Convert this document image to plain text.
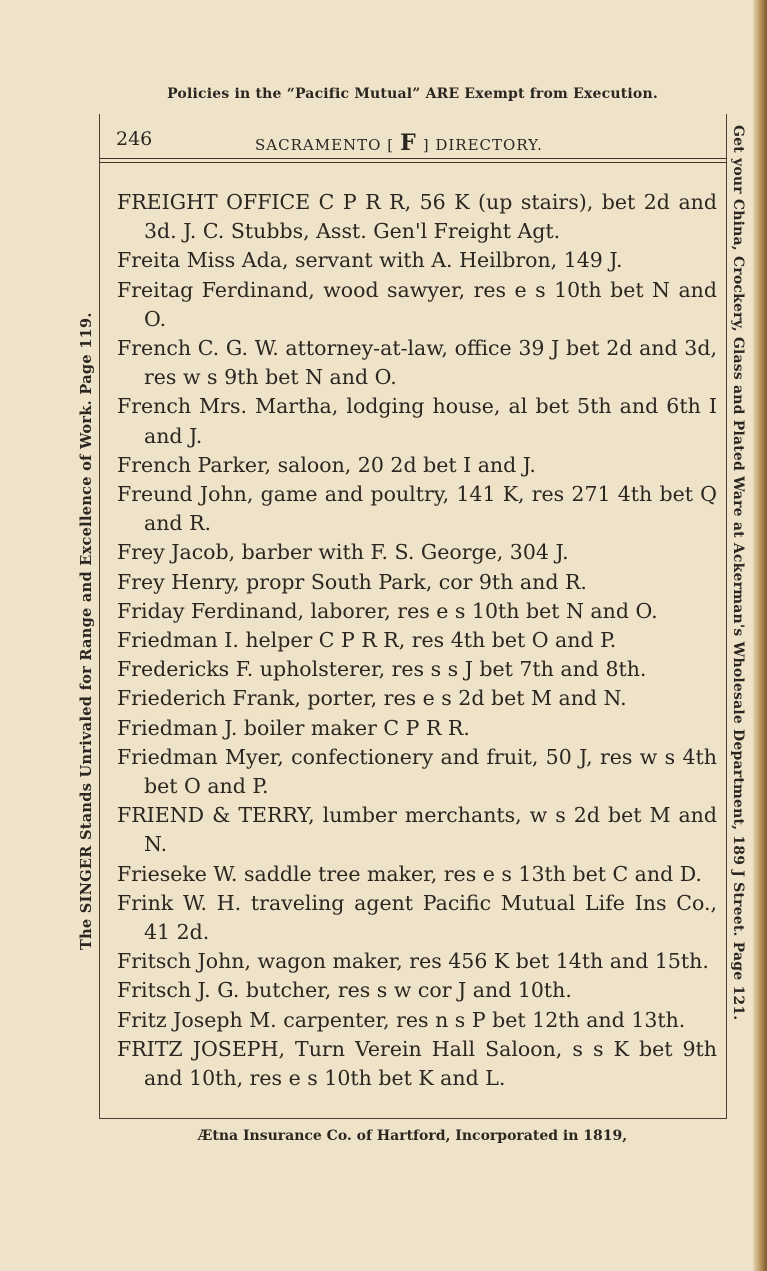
Policies in the “Pacific Mutual” ARE Exempt from Execution.
The SINGER Stands Unrivaled for Range and Excellence of Work. Page 119.	Get your China, Crockery, Glass and Plated Ware at Ackerman's Wholesale Department, 189 J Street. Page 121.
246	SACRAMENTO [ F ] DIRECTORY.
FREIGHT OFFICE C P R R, 56 K (up stairs), bet 2d and 3d. J. C. Stubbs, Asst. Gen'l Freight Agt.
Freita Miss Ada, servant with A. Heilbron, 149 J.
Freitag Ferdinand, wood sawyer, res e s 10th bet N and O.
French C. G. W. attorney-at-law, office 39 J bet 2d and 3d, res w s 9th bet N and O.
French Mrs. Martha, lodging house, al bet 5th and 6th I and J.
French Parker, saloon, 20 2d bet I and J.
Freund John, game and poultry, 141 K, res 271 4th bet Q and R.
Frey Jacob, barber with F. S. George, 304 J.
Frey Henry, propr South Park, cor 9th and R.
Friday Ferdinand, laborer, res e s 10th bet N and O.
Friedman I. helper C P R R, res 4th bet O and P.
Fredericks F. upholsterer, res s s J bet 7th and 8th.
Friederich Frank, porter, res e s 2d bet M and N.
Friedman J. boiler maker C P R R.
Friedman Myer, confectionery and fruit, 50 J, res w s 4th bet O and P.
FRIEND & TERRY, lumber merchants, w s 2d bet M and N.
Frieseke W. saddle tree maker, res e s 13th bet C and D.
Frink W. H. traveling agent Pacific Mutual Life Ins Co., 41 2d.
Fritsch John, wagon maker, res 456 K bet 14th and 15th.
Fritsch J. G. butcher, res s w cor J and 10th.
Fritz Joseph M. carpenter, res n s P bet 12th and 13th.
FRITZ JOSEPH, Turn Verein Hall Saloon, s s K bet 9th and 10th, res e s 10th bet K and L.
Ætna Insurance Co. of Hartford, Incorporated in 1819,
